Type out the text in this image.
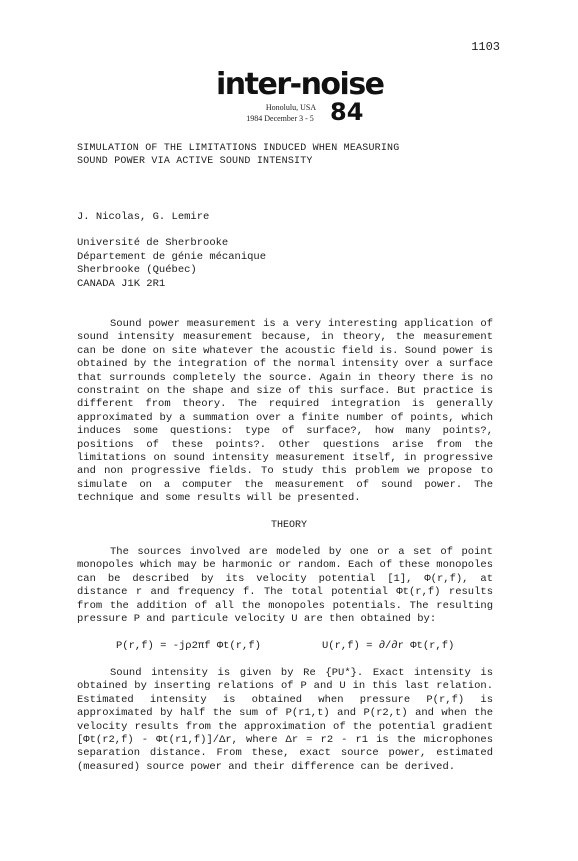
1103
inter-noise
Honolulu, USA
1984 December 3 - 5 84
SIMULATION OF THE LIMITATIONS INDUCED WHEN MEASURING
SOUND POWER VIA ACTIVE SOUND INTENSITY
J. Nicolas, G. Lemire
Université de Sherbrooke
Département de génie mécanique
Sherbrooke (Québec)
CANADA J1K 2R1

Sound power measurement is a very interesting application of sound intensity measurement because, in theory, the measurement can be done on site whatever the acoustic field is. Sound power is obtained by the integration of the normal intensity over a surface that surrounds completely the source. Again in theory there is no constraint on the shape and size of this surface. But practice is different from theory. The required integration is generally approximated by a summation over a finite number of points, which induces some questions: type of surface?, how many points?, positions of these points?. Other questions arise from the limitations on sound intensity measurement itself, in progressive and non progressive fields. To study this problem we propose to simulate on a computer the measurement of sound power. The technique and some results will be presented.

THEORY

The sources involved are modeled by one or a set of point monopoles which may be harmonic or random. Each of these monopoles can be described by its velocity potential [1], Φ(r,f), at distance r and frequency f. The total potential Φt(r,f) results from the addition of all the monopoles potentials. The resulting pressure P and particule velocity U are then obtained by:

P(r,f) = -jρ2πf Φt(r,f)	U(r,f) = ∂/∂r Φt(r,f)

Sound intensity is given by Re {PU*}. Exact intensity is obtained by inserting relations of P and U in this last relation. Estimated intensity is obtained when pressure P(r,f) is approximated by half the sum of P(r1,t) and P(r2,t) and when the velocity results from the approximation of the potential gradient [Φt(r2,f) - Φt(r1,f)]/Δr, where Δr = r2 - r1 is the microphones separation distance. From these, exact source power, estimated (measured) source power and their difference can be derived.
